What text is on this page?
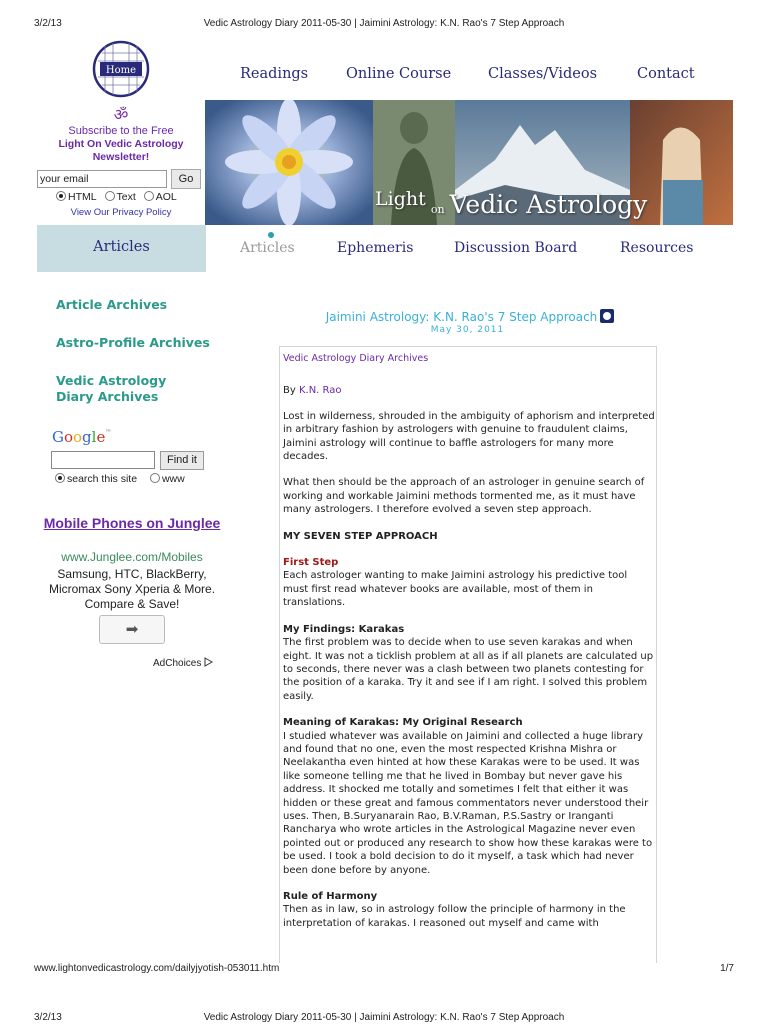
3/2/13	Vedic Astrology Diary 2011-05-30 | Jaimini Astrology: K.N. Rao's 7 Step Approach
Home
ॐ
Readings	Online Course	Classes/Videos	Contact
Subscribe to the Free
Light On Vedic Astrology
Newsletter!
your email
Go
HTML Text AOL
View Our Privacy Policy
Light on Vedic Astrology
Articles	Articles	Ephemeris	Discussion Board	Resources
Article Archives
Astro-Profile Archives
Vedic Astrology Diary Archives
Google™
Find it
search this site www
Mobile Phones on Junglee
www.Junglee.com/Mobiles
Samsung, HTC, BlackBerry, Micromax Sony Xperia & More. Compare & Save!
➡
AdChoices
Jaimini Astrology: K.N. Rao's 7 Step Approach
May 30, 2011
Vedic Astrology Diary Archives
By K.N. Rao

Lost in wilderness, shrouded in the ambiguity of aphorism and interpreted in arbitrary fashion by astrologers with genuine to fraudulent claims, Jaimini astrology will continue to baffle astrologers for many more decades.

What then should be the approach of an astrologer in genuine search of working and workable Jaimini methods tormented me, as it must have many astrologers. I therefore evolved a seven step approach.

MY SEVEN STEP APPROACH

First Step
Each astrologer wanting to make Jaimini astrology his predictive tool must first read whatever books are available, most of them in translations.

My Findings: Karakas
The first problem was to decide when to use seven karakas and when eight. It was not a ticklish problem at all as if all planets are calculated up to seconds, there never was a clash between two planets contesting for the position of a karaka. Try it and see if I am right. I solved this problem easily.

Meaning of Karakas: My Original Research
I studied whatever was available on Jaimini and collected a huge library and found that no one, even the most respected Krishna Mishra or Neelakantha even hinted at how these Karakas were to be used. It was like someone telling me that he lived in Bombay but never gave his address. It shocked me totally and sometimes I felt that either it was hidden or these great and famous commentators never understood their uses. Then, B.Suryanarain Rao, B.V.Raman, P.S.Sastry or Iranganti Rancharya who wrote articles in the Astrological Magazine never even pointed out or produced any research to show how these karakas were to be used. I took a bold decision to do it myself, a task which had never been done before by anyone.

Rule of Harmony
Then as in law, so in astrology follow the principle of harmony in the interpretation of karakas. I reasoned out myself and came with

www.lightonvedicastrology.com/dailyjyotish-053011.htm	1/7
3/2/13	Vedic Astrology Diary 2011-05-30 | Jaimini Astrology: K.N. Rao's 7 Step Approach
